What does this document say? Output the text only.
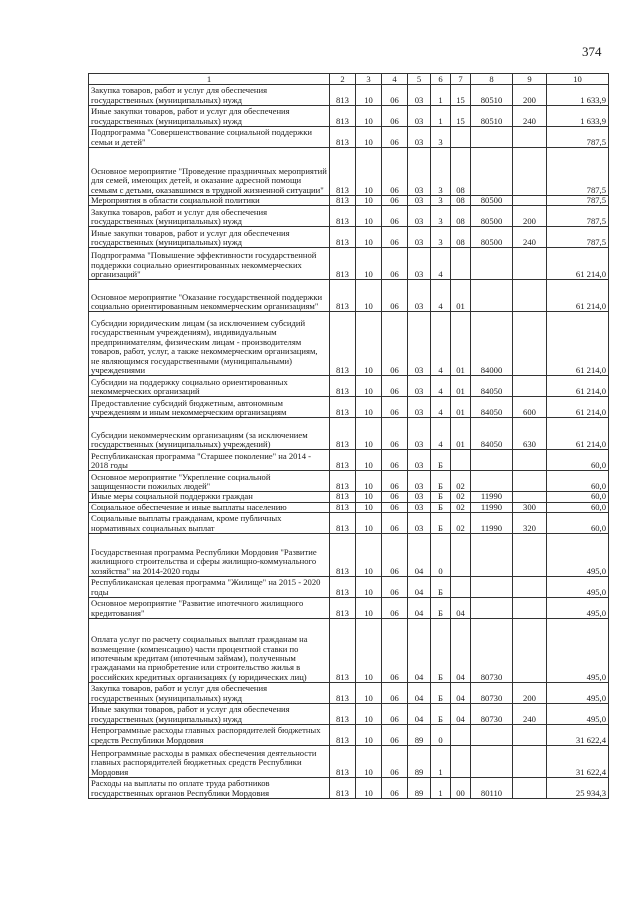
374
1	2	3	4	5	6	7	8	9	10
Закупка товаров, работ и услуг для обеспечения государственных (муниципальных) нужд	813	10	06	03	1	15	80510	200	1 633,9
Иные закупки товаров, работ и услуг для обеспечения государственных (муниципальных) нужд	813	10	06	03	1	15	80510	240	1 633,9
Подпрограмма "Совершенствование социальной поддержки семьи и детей"	813	10	06	03	3				787,5
Основное мероприятие "Проведение праздничных мероприятий для семей, имеющих детей, и оказание адресной помощи семьям с детьми, оказавшимся в трудной жизненной ситуации"	813	10	06	03	3	08			787,5
Мероприятия в области социальной политики	813	10	06	03	3	08	80500		787,5
Закупка товаров, работ и услуг для обеспечения государственных (муниципальных) нужд	813	10	06	03	3	08	80500	200	787,5
Иные закупки товаров, работ и услуг для обеспечения государственных (муниципальных) нужд	813	10	06	03	3	08	80500	240	787,5
Подпрограмма "Повышение эффективности государственной поддержки социально ориентированных некоммерческих организаций"	813	10	06	03	4				61 214,0
Основное мероприятие "Оказание государственной поддержки социально ориентированным некоммерческим организациям"	813	10	06	03	4	01			61 214,0
Субсидии юридическим лицам (за исключением субсидий государственным учреждениям), индивидуальным предпринимателям, физическим лицам - производителям товаров, работ, услуг, а также некоммерческим организациям, не являющимся государственными (муниципальными) учреждениями	813	10	06	03	4	01	84000		61 214,0
Субсидии на поддержку социально ориентированных некоммерческих организаций	813	10	06	03	4	01	84050		61 214,0
Предоставление субсидий бюджетным, автономным учреждениям и иным некоммерческим организациям	813	10	06	03	4	01	84050	600	61 214,0
Субсидии некоммерческим организациям (за исключением государственных (муниципальных) учреждений)	813	10	06	03	4	01	84050	630	61 214,0
Республиканская программа "Старшее поколение" на 2014 - 2018 годы	813	10	06	03	Б				60,0
Основное мероприятие "Укрепление социальной защищенности пожилых людей"	813	10	06	03	Б	02			60,0
Иные меры социальной поддержки граждан	813	10	06	03	Б	02	11990		60,0
Социальное обеспечение и иные выплаты населению	813	10	06	03	Б	02	11990	300	60,0
Социальные выплаты гражданам, кроме публичных нормативных социальных выплат	813	10	06	03	Б	02	11990	320	60,0
Государственная программа Республики Мордовия "Развитие жилищного строительства и сферы жилищно-коммунального хозяйства" на 2014-2020 годы	813	10	06	04	0				495,0
Республиканская целевая программа "Жилище" на 2015 - 2020 годы	813	10	06	04	Б				495,0
Основное мероприятие "Развитие ипотечного жилищного кредитования"	813	10	06	04	Б	04			495,0
Оплата услуг по расчету социальных выплат гражданам на возмещение (компенсацию) части процентной ставки по ипотечным кредитам (ипотечным займам), полученным гражданами на приобретение или строительство жилья в российских кредитных организациях (у юридических лиц)	813	10	06	04	Б	04	80730		495,0
Закупка товаров, работ и услуг для обеспечения государственных (муниципальных) нужд	813	10	06	04	Б	04	80730	200	495,0
Иные закупки товаров, работ и услуг для обеспечения государственных (муниципальных) нужд	813	10	06	04	Б	04	80730	240	495,0
Непрограммные расходы главных распорядителей бюджетных средств Республики Мордовия	813	10	06	89	0				31 622,4
Непрограммные расходы в рамках обеспечения деятельности главных распорядителей бюджетных средств Республики Мордовия	813	10	06	89	1				31 622,4
Расходы на выплаты по оплате труда работников государственных органов Республики Мордовия	813	10	06	89	1	00	80110		25 934,3
